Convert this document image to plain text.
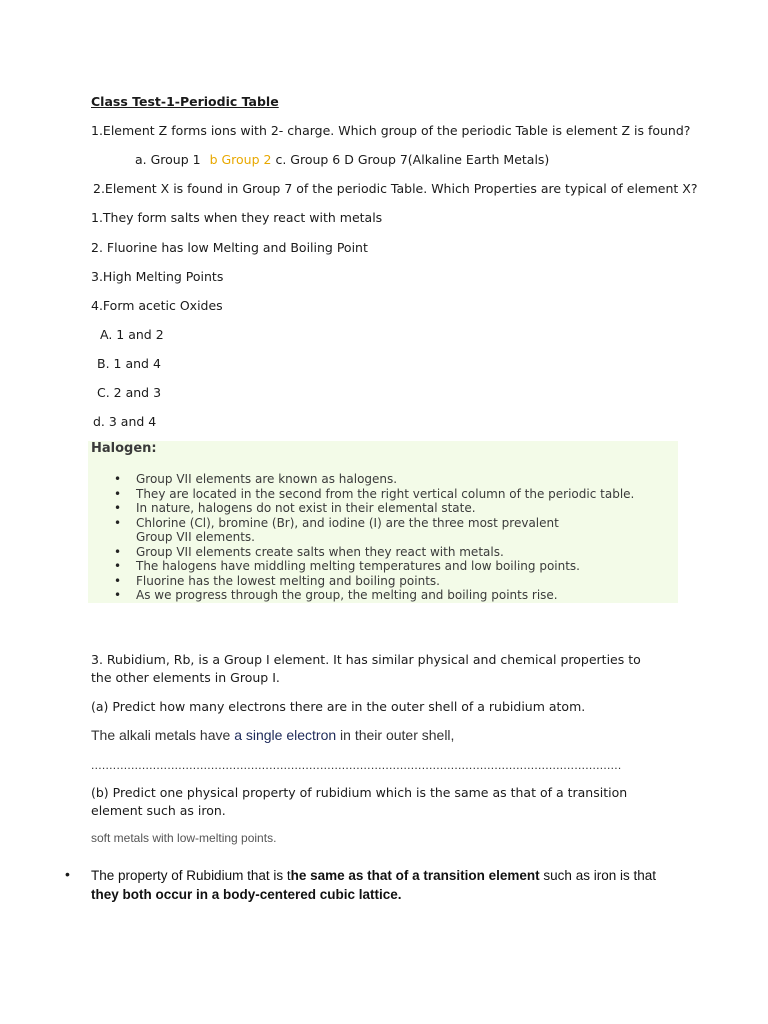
Class Test-1-Periodic Table
1.Element Z forms ions with 2- charge. Which group of the periodic Table is element Z is found?
a. Group 1 b Group 2 c. Group 6 D Group 7(Alkaline Earth Metals)
2.Element X is found in Group 7 of the periodic Table. Which Properties are typical of element X?
1.They form salts when they react with metals
2. Fluorine has low Melting and Boiling Point
3.High Melting Points
4.Form acetic Oxides
A. 1 and 2
B. 1 and 4
C. 2 and 3
d. 3 and 4
Halogen:
• Group VII elements are known as halogens.
• They are located in the second from the right vertical column of the periodic table.
• In nature, halogens do not exist in their elemental state.
• Chlorine (Cl), bromine (Br), and iodine (I) are the three most prevalent
Group VII elements.
• Group VII elements create salts when they react with metals.
• The halogens have middling melting temperatures and low boiling points.
• Fluorine has the lowest melting and boiling points.
• As we progress through the group, the melting and boiling points rise.
3. Rubidium, Rb, is a Group I element. It has similar physical and chemical properties to the other elements in Group I.
(a) Predict how many electrons there are in the outer shell of a rubidium atom.
The alkali metals have a single electron in their outer shell,
..................................................................................................................................................
(b) Predict one physical property of rubidium which is the same as that of a transition element such as iron.
soft metals with low-melting points.
• The property of Rubidium that is the same as that of a transition element such as iron is that they both occur in a body-centered cubic lattice.
